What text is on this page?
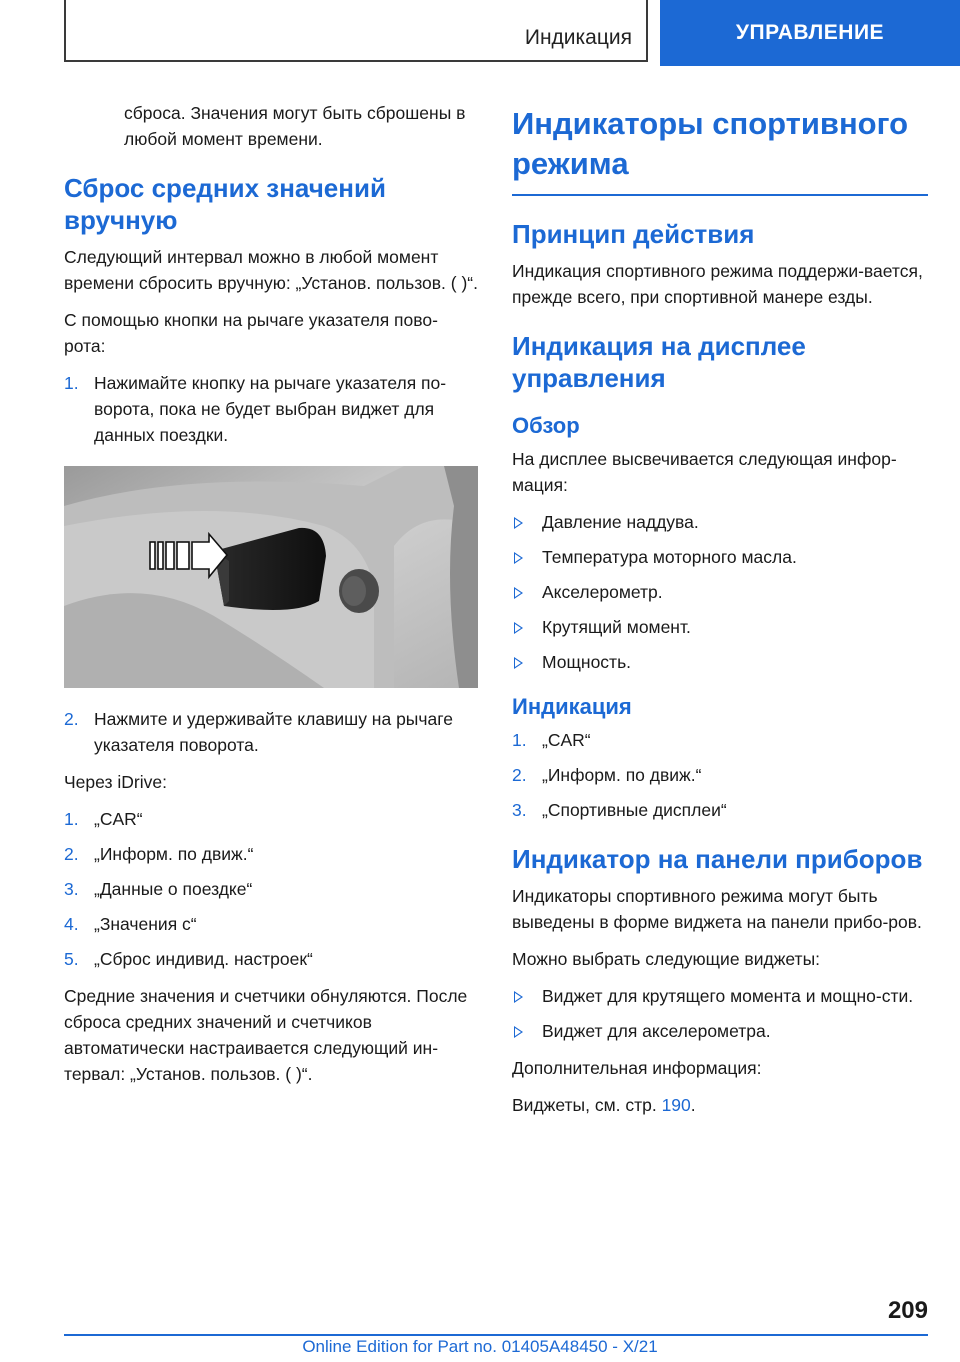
Индикация	УПРАВЛЕНИЕ

сброса. Значения могут быть сброшены в любой момент времени.

Сброс средних значений вручную

Следующий интервал можно в любой момент времени сбросить вручную: „Установ. пользов. ( )“.

С помощью кнопки на рычаге указателя пово-рота:

1. Нажимайте кнопку на рычаге указателя по-ворота, пока не будет выбран виджет для данных поездки.
2. Нажмите и удерживайте клавишу на рычаге указателя поворота.

Через iDrive:

1. „CAR“
2. „Информ. по движ.“
3. „Данные о поездке“
4. „Значения с“
5. „Сброс индивид. настроек“

Средние значения и счетчики обнуляются. После сброса средних значений и счетчиков автоматически настраивается следующий ин-тервал: „Установ. пользов. ( )“.

Индикаторы спортивного режима
Принцип действия

Индикация спортивного режима поддержи-вается, прежде всего, при спортивной манере езды.

Индикация на дисплее управления
Обзор

На дисплее высвечивается следующая инфор-мация:

Давление наддува.
Температура моторного масла.
Акселерометр.
Крутящий момент.
Мощность.
Индикация
1. „CAR“
2. „Информ. по движ.“
3. „Спортивные дисплеи“
Индикатор на панели приборов

Индикаторы спортивного режима могут быть выведены в форме виджета на панели прибо-ров.

Можно выбрать следующие виджеты:

Виджет для крутящего момента и мощно-сти.
Виджет для акселерометра.

Дополнительная информация:

Виджеты, см. стр. 190.

209
Online Edition for Part no. 01405A48450 - X/21
